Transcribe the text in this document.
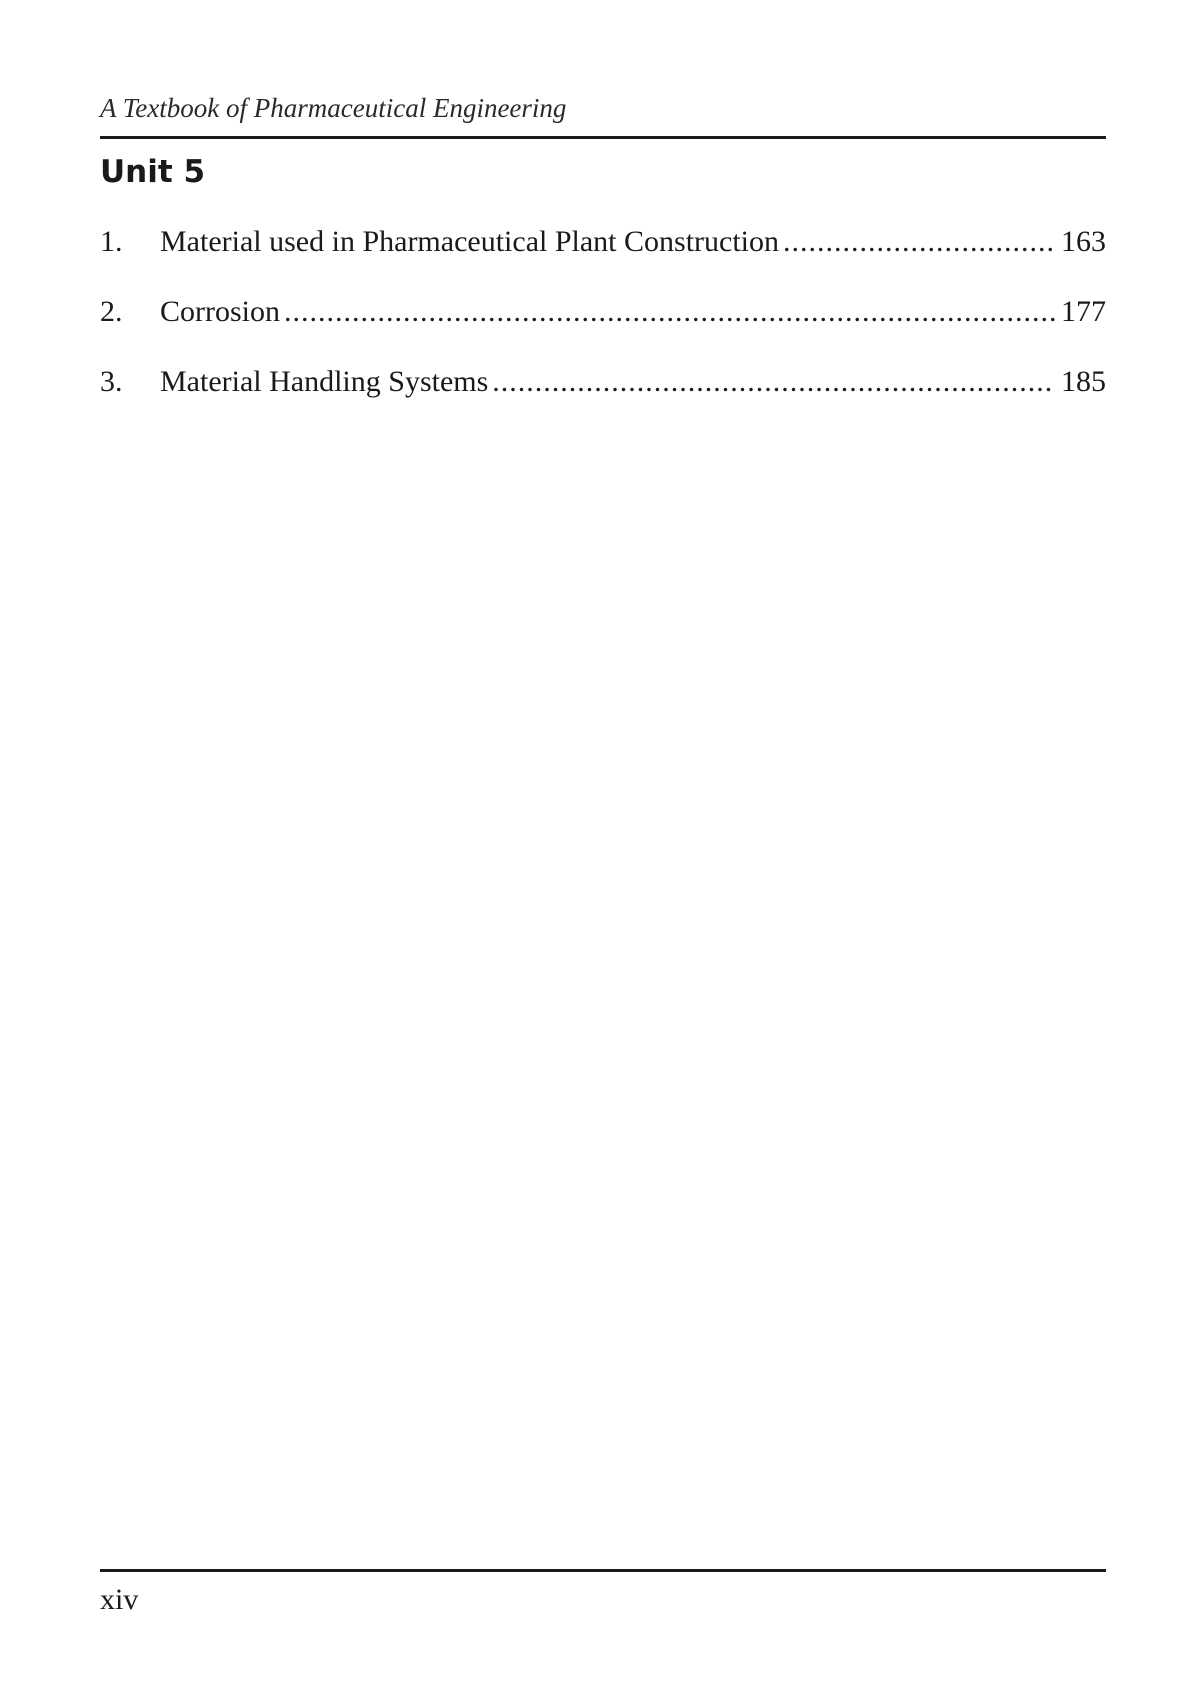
A Textbook of Pharmaceutical Engineering
Unit 5
1.	Material used in Pharmaceutical Plant Construction .....	163
2.	Corrosion .....	177
3.	Material Handling Systems .....	185
xiv
